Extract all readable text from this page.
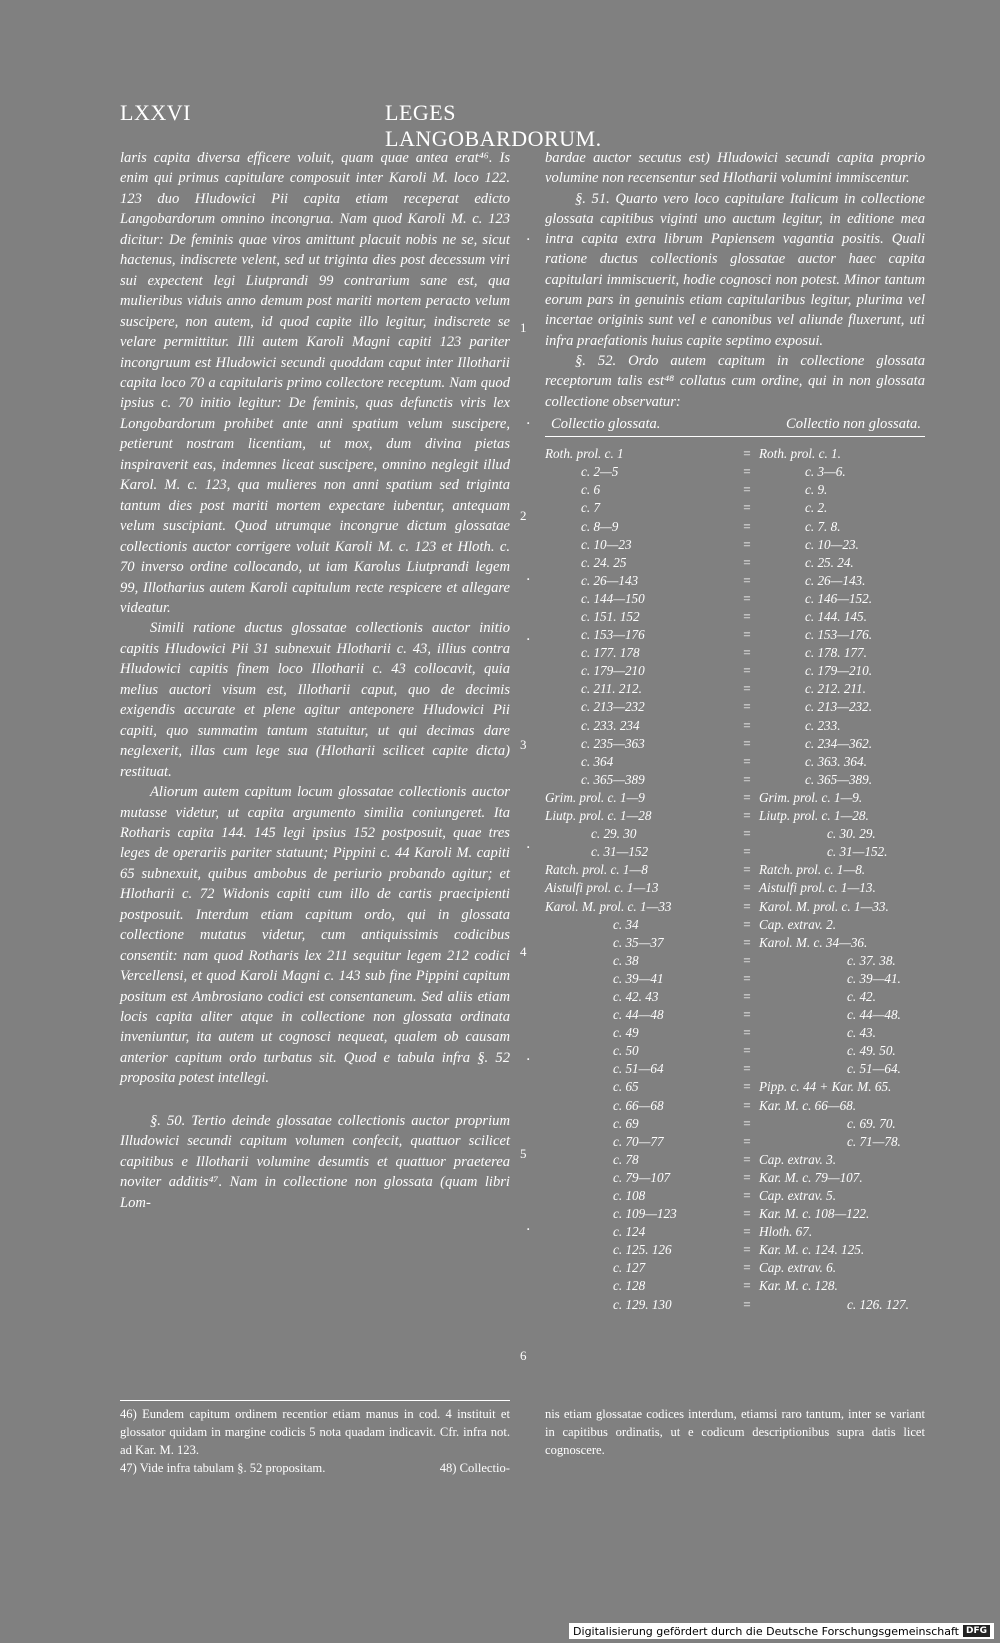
LXXVI	LEGES LANGOBARDORUM.

laris capita diversa efficere voluit, quam quae antea erat⁴⁶. Is enim qui primus capitulare composuit inter Karoli M. loco 122. 123 duo Hludowici Pii capita etiam receperat edicto Langobardorum omnino incongrua. Nam quod Karoli M. c. 123 dicitur: De feminis quae viros amittunt placuit nobis ne se, sicut hactenus, indiscrete velent, sed ut triginta dies post decessum viri sui expectent legi Liutprandi 99 contrarium sane est, qua mulieribus viduis anno demum post mariti mortem peracto velum suscipere, non autem, id quod capite illo legitur, indiscrete se velare permittitur. Illi autem Karoli Magni capiti 123 pariter incongruum est Hludowici secundi quoddam caput inter Illotharii capita loco 70 a capitularis primo collectore receptum. Nam quod ipsius c. 70 initio legitur: De feminis, quas defunctis viris lex Longobardorum prohibet ante anni spatium velum suscipere, petierunt nostram licentiam, ut mox, dum divina pietas inspiraverit eas, indemnes liceat suscipere, omnino neglegit illud Karol. M. c. 123, qua mulieres non anni spatium sed triginta tantum dies post mariti mortem expectare iubentur, antequam velum suscipiant. Quod utrumque incongrue dictum glossatae collectionis auctor corrigere voluit Karoli M. c. 123 et Hloth. c. 70 inverso ordine collocando, ut iam Karolus Liutprandi legem 99, Illotharius autem Karoli capitulum recte respicere et allegare videatur.

Simili ratione ductus glossatae collectionis auctor initio capitis Hludowici Pii 31 subnexuit Hlotharii c. 43, illius contra Hludowici capitis finem loco Illotharii c. 43 collocavit, quia melius auctori visum est, Illotharii caput, quo de decimis exigendis accurate et plene agitur anteponere Hludowici Pii capiti, quo summatim tantum statuitur, ut qui decimas dare neglexerit, illas cum lege sua (Hlotharii scilicet capite dicta) restituat.

Aliorum autem capitum locum glossatae collectionis auctor mutasse videtur, ut capita argumento similia coniungeret. Ita Rotharis capita 144. 145 legi ipsius 152 postposuit, quae tres leges de operariis pariter statuunt; Pippini c. 44 Karoli M. capiti 65 subnexuit, quibus ambobus de periurio probando agitur; et Hlotharii c. 72 Widonis capiti cum illo de cartis praecipienti postposuit. Interdum etiam capitum ordo, qui in glossata collectione mutatus videtur, cum antiquissimis codicibus consentit: nam quod Rotharis lex 211 sequitur legem 212 codici Vercellensi, et quod Karoli Magni c. 143 sub fine Pippini capitum positum est Ambrosiano codici est consentaneum. Sed aliis etiam locis capita aliter atque in collectione non glossata ordinata inveniuntur, ita autem ut cognosci nequeat, qualem ob causam anterior capitum ordo turbatus sit. Quod e tabula infra §. 52 proposita potest intellegi.

§. 50. Tertio deinde glossatae collectionis auctor proprium Illudowici secundi capitum volumen confecit, quattuor scilicet capitibus e Illotharii volumine desumtis et quattuor praeterea noviter additis⁴⁷. Nam in collectione non glossata (quam libri Lom-

bardae auctor secutus est) Hludowici secundi capita proprio volumine non recensentur sed Hlotharii volumini immiscentur.

§. 51. Quarto vero loco capitulare Italicum in collectione glossata capitibus viginti uno auctum legitur, in editione mea intra capita extra librum Papiensem vagantia positis. Quali ratione ductus collectionis glossatae auctor haec capita capitulari immiscuerit, hodie cognosci non potest. Minor tantum eorum pars in genuinis etiam capitularibus legitur, plurima vel incertae originis sunt vel e canonibus vel aliunde fluxerunt, uti infra praefationis huius capite septimo exposui.

§. 52. Ordo autem capitum in collectione glossata receptorum talis est⁴⁸ collatus cum ordine, qui in non glossata collectione observatur:

Collectio glossata.	Collectio non glossata.
Roth. prol. c. 1	=	Roth. prol. c. 1.
c. 2—5	=	c. 3—6.
c. 6	=	c. 9.
c. 7	=	c. 2.
c. 8—9	=	c. 7. 8.
c. 10—23	=	c. 10—23.
c. 24. 25	=	c. 25. 24.
c. 26—143	=	c. 26—143.
c. 144—150	=	c. 146—152.
c. 151. 152	=	c. 144. 145.
c. 153—176	=	c. 153—176.
c. 177. 178	=	c. 178. 177.
c. 179—210	=	c. 179—210.
c. 211. 212.	=	c. 212. 211.
c. 213—232	=	c. 213—232.
c. 233. 234	=	c. 233.
c. 235—363	=	c. 234—362.
c. 364	=	c. 363. 364.
c. 365—389	=	c. 365—389.
Grim. prol. c. 1—9	=	Grim. prol. c. 1—9.
Liutp. prol. c. 1—28	=	Liutp. prol. c. 1—28.
c. 29. 30	=	c. 30. 29.
c. 31—152	=	c. 31—152.
Ratch. prol. c. 1—8	=	Ratch. prol. c. 1—8.
Aistulfi prol. c. 1—13	=	Aistulfi prol. c. 1—13.
Karol. M. prol. c. 1—33	=	Karol. M. prol. c. 1—33.
c. 34	=	Cap. extrav. 2.
c. 35—37	=	Karol. M. c. 34—36.
c. 38	=	c. 37. 38.
c. 39—41	=	c. 39—41.
c. 42. 43	=	c. 42.
c. 44—48	=	c. 44—48.
c. 49	=	c. 43.
c. 50	=	c. 49. 50.
c. 51—64	=	c. 51—64.
c. 65	=	Pipp. c. 44 + Kar. M. 65.
c. 66—68	=	Kar. M. c. 66—68.
c. 69	=	c. 69. 70.
c. 70—77	=	c. 71—78.
c. 78	=	Cap. extrav. 3.
c. 79—107	=	Kar. M. c. 79—107.
c. 108	=	Cap. extrav. 5.
c. 109—123	=	Kar. M. c. 108—122.
c. 124	=	Hloth. 67.
c. 125. 126	=	Kar. M. c. 124. 125.
c. 127	=	Cap. extrav. 6.
c. 128	=	Kar. M. c. 128.
c. 129. 130	=	c. 126. 127.
.
1
.
2
.
.
3
.
4
.
5
.
6

46) Eundem capitum ordinem recentior etiam manus in cod. 4 instituit et glossator quidam in margine codicis 5 nota quadam indicavit. Cfr. infra not. ad Kar. M. 123.

47) Vide infra tabulam §. 52 propositam.	48) Collectio-

nis etiam glossatae codices interdum, etiamsi raro tantum, inter se variant in capitibus ordinatis, ut e codicum descriptionibus supra datis licet cognoscere.

Digitalisierung gefördert durch die Deutsche Forschungsgemeinschaft DFG
